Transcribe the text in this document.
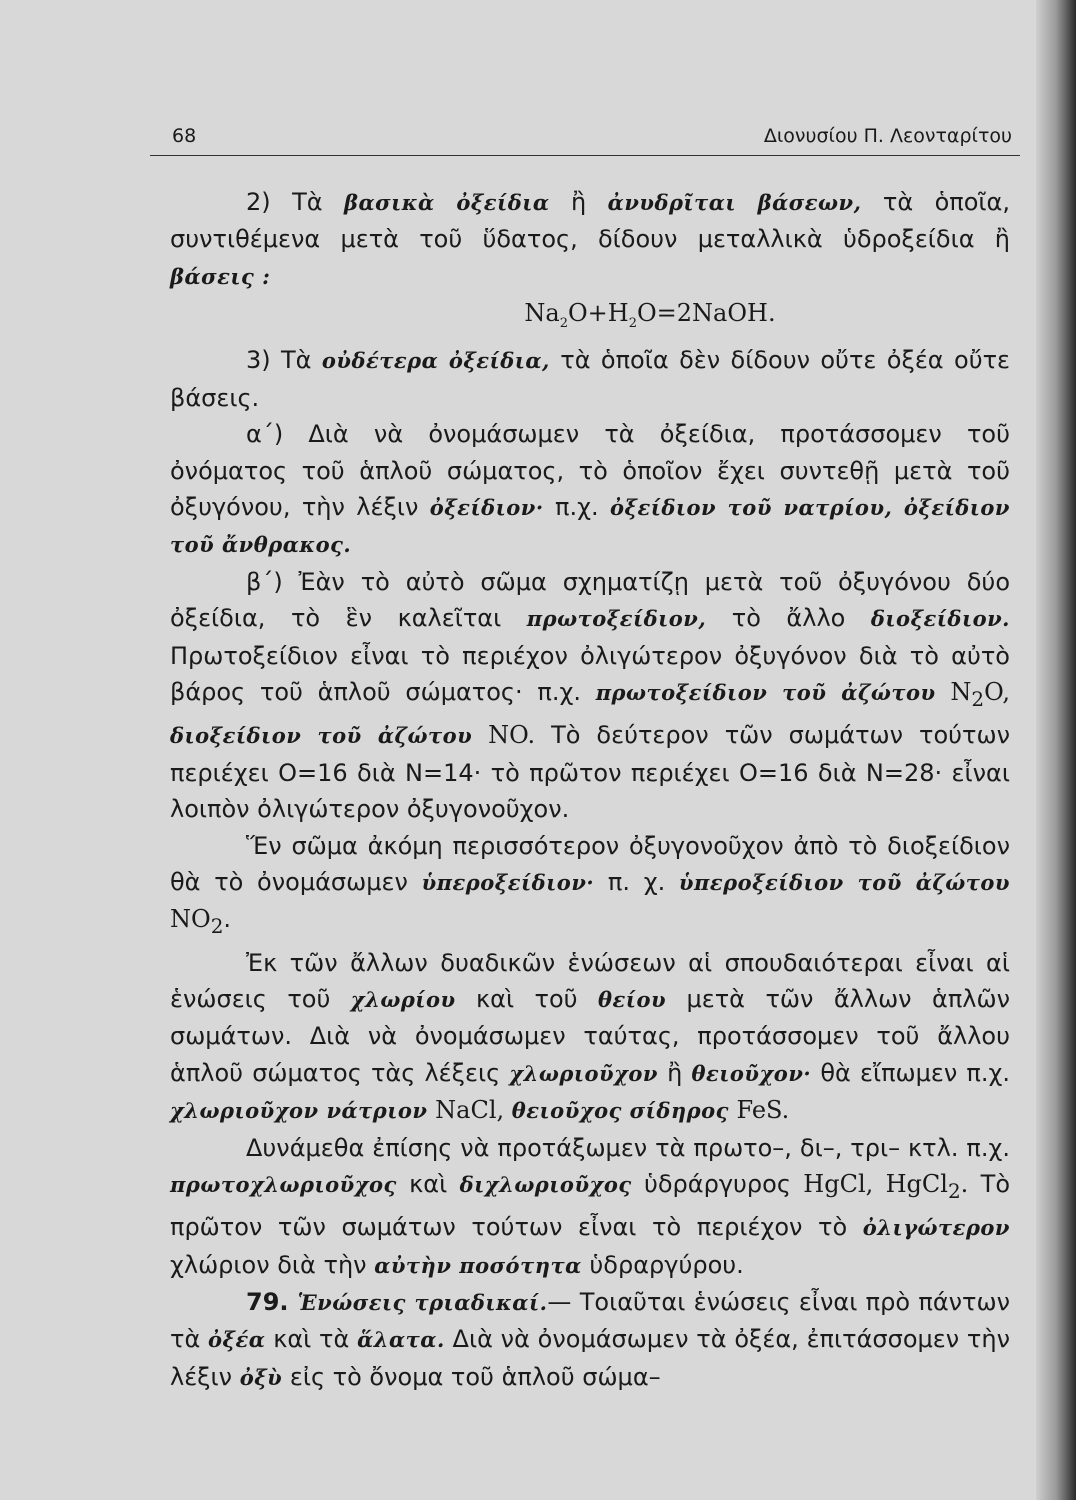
68	Διονυσίου Π. Λεονταρίτου

2) Τὰ βασικὰ ὀξείδια ἢ ἀνυδρῖται βάσεων, τὰ ὁποῖα, συντιθέμενα μετὰ τοῦ ὕδατος, δίδουν μεταλλικὰ ὑδροξείδια ἢ βάσεις :

$Na_2O+H_2O=2NaOH$.

3) Τὰ οὐδέτερα ὀξείδια, τὰ ὁποῖα δὲν δίδουν οὔτε ὀξέα οὔτε βάσεις.

α΄) Διὰ νὰ ὀνομάσωμεν τὰ ὀξείδια, προτάσσομεν τοῦ ὀνόματος τοῦ ἁπλοῦ σώματος, τὸ ὁποῖον ἔχει συντεθῇ μετὰ τοῦ ὀξυγόνου, τὴν λέξιν ὀξείδιον· π.χ. ὀξείδιον τοῦ νατρίου, ὀξείδιον τοῦ ἄνθρακος.

β΄) Ἐὰν τὸ αὐτὸ σῶμα σχηματίζῃ μετὰ τοῦ ὀξυγόνου δύο ὀξείδια, τὸ ἓν καλεῖται πρωτοξείδιον, τὸ ἄλλο διοξείδιον. Πρωτοξείδιον εἶναι τὸ περιέχον ὀλιγώτερον ὀξυγόνον διὰ τὸ αὐτὸ βάρος τοῦ ἁπλοῦ σώματος· π.χ. πρωτοξείδιον τοῦ ἀζώτου $N_2O$, διοξείδιον τοῦ ἀζώτου NO. Τὸ δεύτερον τῶν σωμάτων τούτων περιέχει O=16 διὰ N=14· τὸ πρῶτον περιέχει O=16 διὰ N=28· εἶναι λοιπὸν ὀλιγώτερον ὀξυγονοῦχον.

Ἕν σῶμα ἀκόμη περισσότερον ὀξυγονοῦχον ἀπὸ τὸ διοξείδιον θὰ τὸ ὀνομάσωμεν ὑπεροξείδιον· π. χ. ὑπεροξείδιον τοῦ ἀζώτου $NO_2$.

Ἐκ τῶν ἄλλων δυαδικῶν ἑνώσεων αἱ σπουδαιότεραι εἶναι αἱ ἑνώσεις τοῦ χλωρίου καὶ τοῦ θείου μετὰ τῶν ἄλλων ἁπλῶν σωμάτων. Διὰ νὰ ὀνομάσωμεν ταύτας, προτάσσομεν τοῦ ἄλλου ἁπλοῦ σώματος τὰς λέξεις χλωριοῦχον ἢ θειοῦχον· θὰ εἴπωμεν π.χ. χλωριοῦχον νάτριον NaCl, θειοῦχος σίδηρος FeS.

Δυνάμεθα ἐπίσης νὰ προτάξωμεν τὰ πρωτο–, δι–, τρι– κτλ. π.χ. πρωτοχλωριοῦχος καὶ διχλωριοῦχος ὑδράργυρος HgCl, HgCl$_2$. Τὸ πρῶτον τῶν σωμάτων τούτων εἶναι τὸ περιέχον τὸ ὀλιγώτερον χλώριον διὰ τὴν αὐτὴν ποσότητα ὑδραργύρου.

79. Ἑνώσεις τριαδικαί.— Τοιαῦται ἑνώσεις εἶναι πρὸ πάντων τὰ ὀξέα καὶ τὰ ἅλατα. Διὰ νὰ ὀνομάσωμεν τὰ ὀξέα, ἐπιτάσσομεν τὴν λέξιν ὀξὺ εἰς τὸ ὄνομα τοῦ ἁπλοῦ σώμα–
